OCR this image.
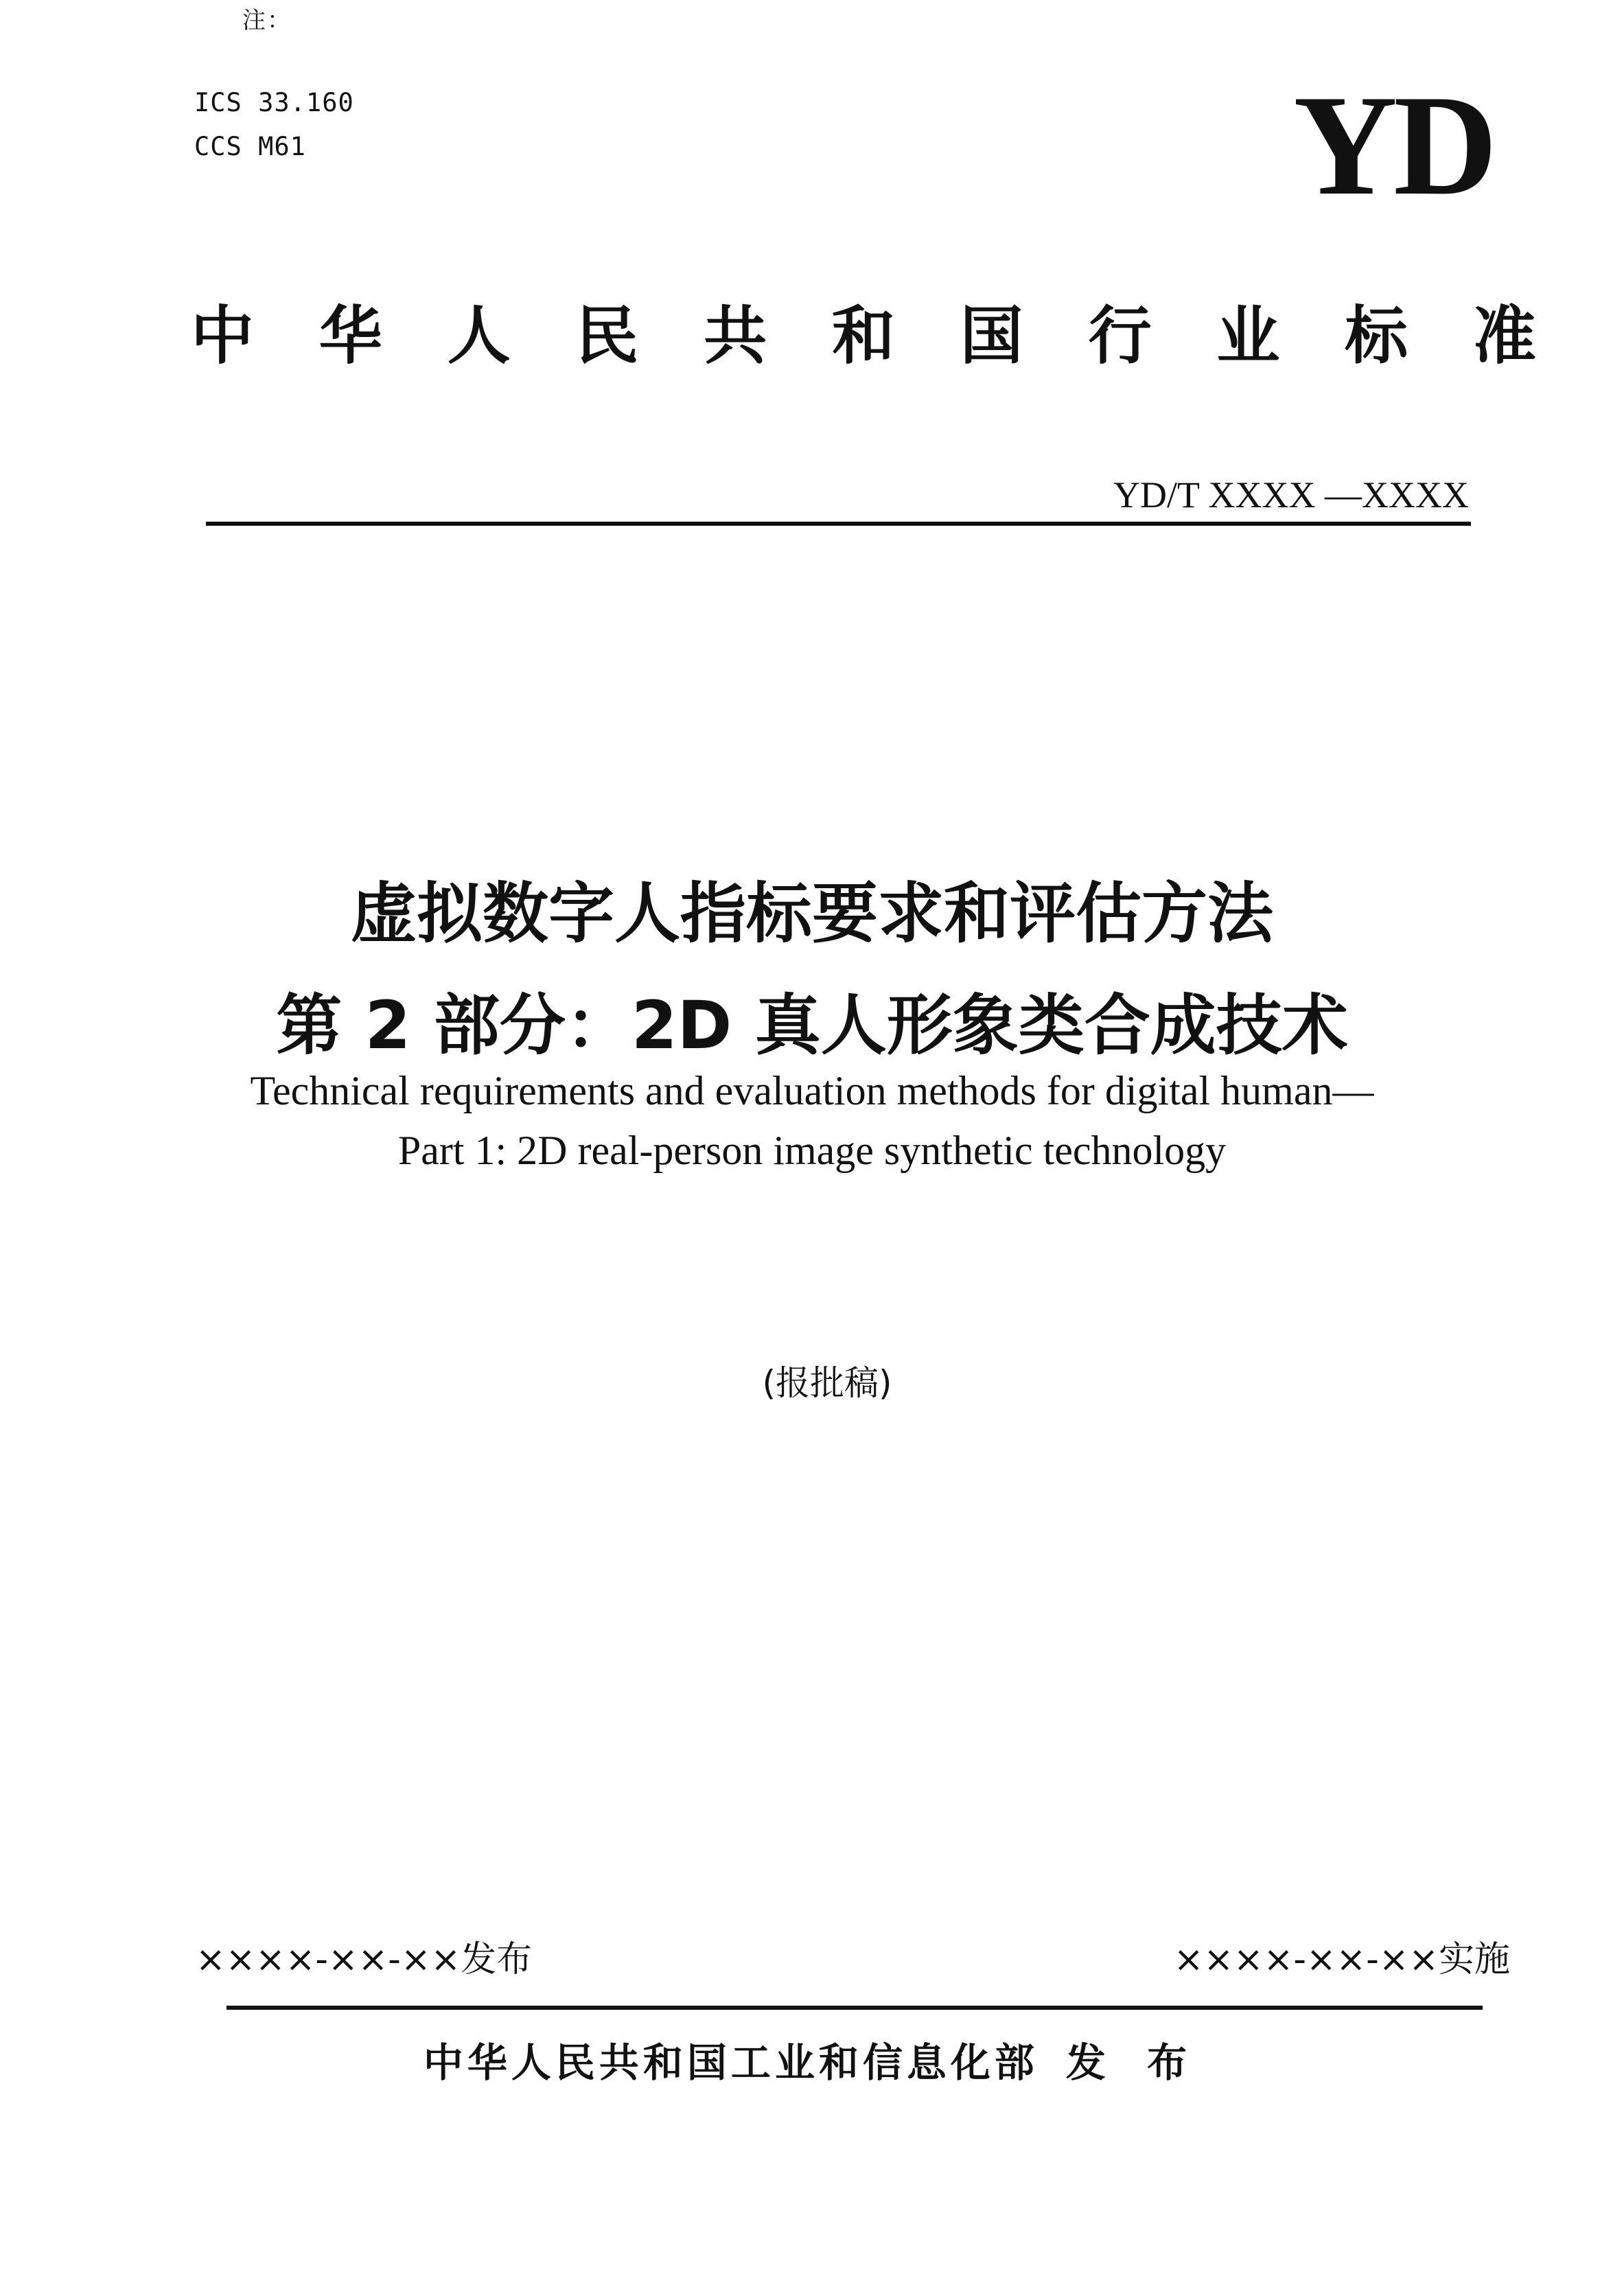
注：
ICS 33.160
CCS M61	YD
中 华 人 民 共 和 国 行 业 标 准
YD/T XXXX —XXXX
虚拟数字人指标要求和评估方法
第 2 部分：2D 真人形象类合成技术
Technical requirements and evaluation methods for digital human—
Part 1: 2D real-person image synthetic technology
(报批稿)
××××-××-××发布	××××-××-××实施
中华人民共和国工业和信息化部 发 布
